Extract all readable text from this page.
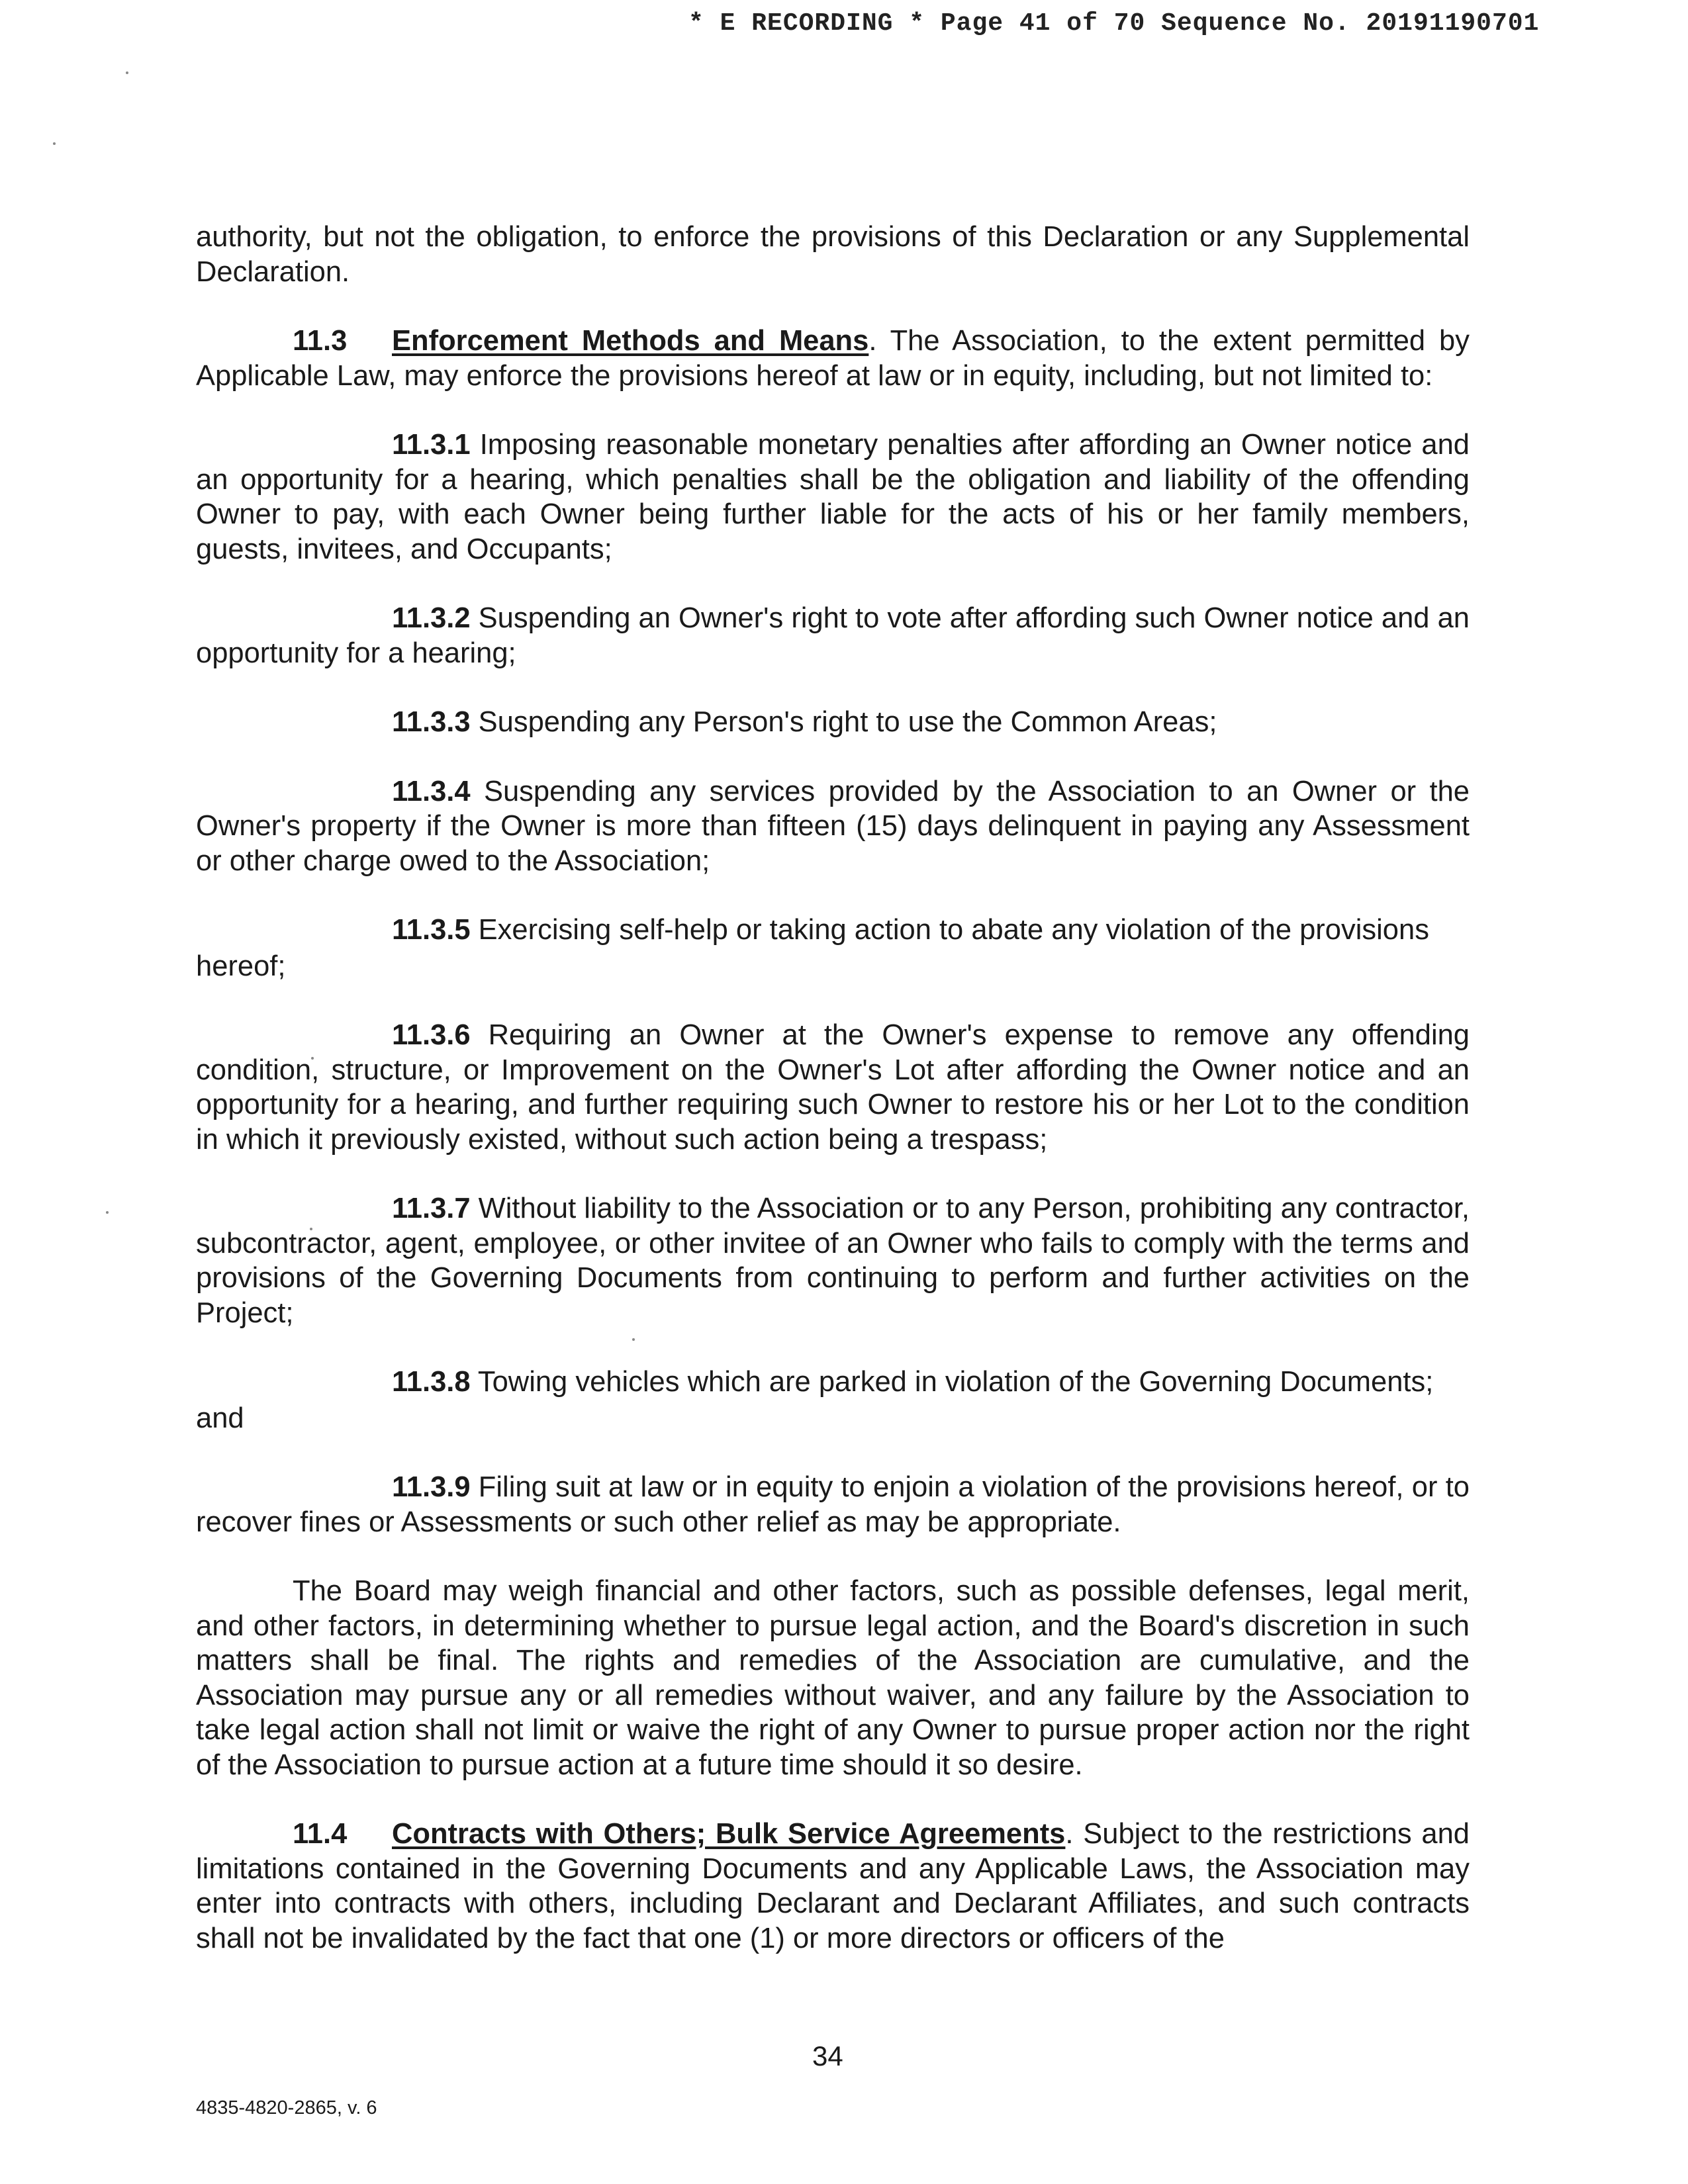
* E RECORDING * Page 41 of 70 Sequence No. 20191190701

authority, but not the obligation, to enforce the provisions of this Declaration or any Supplemental Declaration.

11.3 Enforcement Methods and Means. The Association, to the extent permitted by Applicable Law, may enforce the provisions hereof at law or in equity, including, but not limited to:

11.3.1 Imposing reasonable monetary penalties after affording an Owner notice and an opportunity for a hearing, which penalties shall be the obligation and liability of the offending Owner to pay, with each Owner being further liable for the acts of his or her family members, guests, invitees, and Occupants;

11.3.2 Suspending an Owner's right to vote after affording such Owner notice and an opportunity for a hearing;

11.3.3 Suspending any Person's right to use the Common Areas;

11.3.4 Suspending any services provided by the Association to an Owner or the Owner's property if the Owner is more than fifteen (15) days delinquent in paying any Assessment or other charge owed to the Association;

11.3.5 Exercising self-help or taking action to abate any violation of the provisions

hereof;

11.3.6 Requiring an Owner at the Owner's expense to remove any offending condition, structure, or Improvement on the Owner's Lot after affording the Owner notice and an opportunity for a hearing, and further requiring such Owner to restore his or her Lot to the condition in which it previously existed, without such action being a trespass;

11.3.7 Without liability to the Association or to any Person, prohibiting any contractor, subcontractor, agent, employee, or other invitee of an Owner who fails to comply with the terms and provisions of the Governing Documents from continuing to perform and further activities on the Project;

11.3.8 Towing vehicles which are parked in violation of the Governing Documents;

and

11.3.9 Filing suit at law or in equity to enjoin a violation of the provisions hereof, or to recover fines or Assessments or such other relief as may be appropriate.

The Board may weigh financial and other factors, such as possible defenses, legal merit, and other factors, in determining whether to pursue legal action, and the Board's discretion in such matters shall be final. The rights and remedies of the Association are cumulative, and the Association may pursue any or all remedies without waiver, and any failure by the Association to take legal action shall not limit or waive the right of any Owner to pursue proper action nor the right of the Association to pursue action at a future time should it so desire.

11.4 Contracts with Others; Bulk Service Agreements. Subject to the restrictions and limitations contained in the Governing Documents and any Applicable Laws, the Association may enter into contracts with others, including Declarant and Declarant Affiliates, and such contracts shall not be invalidated by the fact that one (1) or more directors or officers of the

34
4835-4820-2865, v. 6
